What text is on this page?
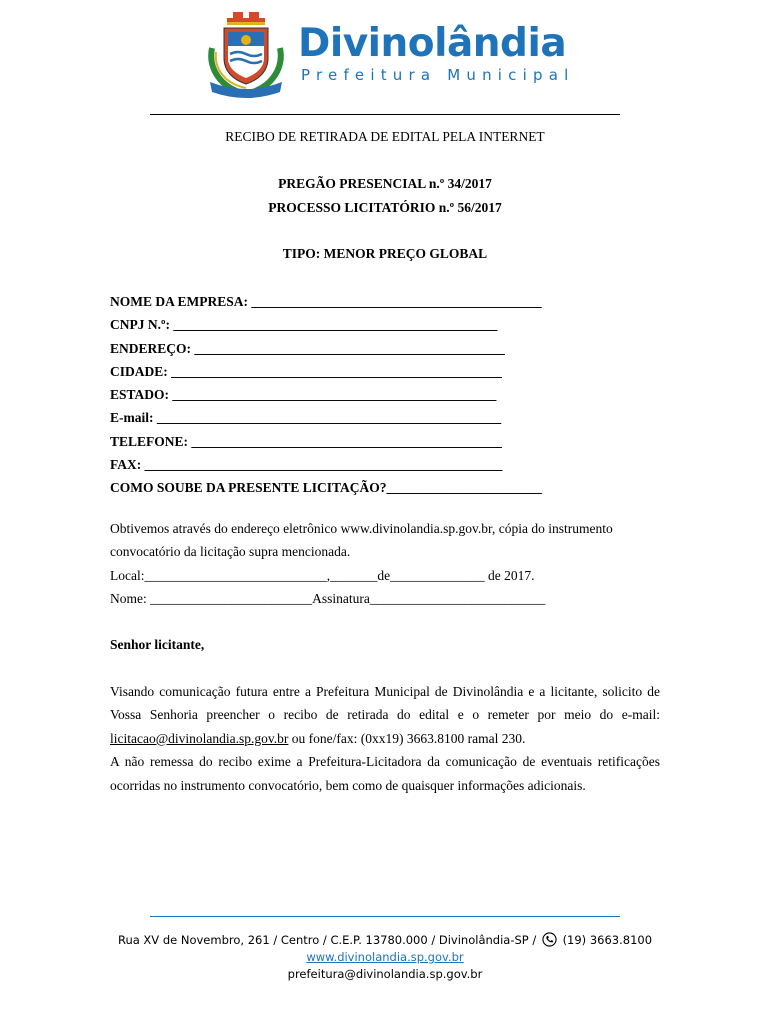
Divinolândia
Prefeitura Municipal
RECIBO DE RETIRADA DE EDITAL PELA INTERNET
PREGÃO PRESENCIAL n.º 34/2017
PROCESSO LICITATÓRIO n.º 56/2017
TIPO: MENOR PREÇO GLOBAL
NOME DA EMPRESA: ___________________________________________
CNPJ N.º: ________________________________________________
ENDEREÇO: ______________________________________________
CIDADE: _________________________________________________
ESTADO: ________________________________________________
E-mail: ___________________________________________________
TELEFONE: ______________________________________________
FAX: _____________________________________________________
COMO SOUBE DA PRESENTE LICITAÇÃO?_______________________
Obtivemos através do endereço eletrônico www.divinolandia.sp.gov.br, cópia do instrumento convocatório da licitação supra mencionada.
Local:___________________________,_______de______________ de 2017.
Nome: ________________________Assinatura__________________________
Senhor licitante,
Visando comunicação futura entre a Prefeitura Municipal de Divinolândia e a licitante, solicito de Vossa Senhoria preencher o recibo de retirada do edital e o remeter por meio do e-mail: licitacao@divinolandia.sp.gov.br ou fone/fax: (0xx19) 3663.8100 ramal 230.
A não remessa do recibo exime a Prefeitura-Licitadora da comunicação de eventuais retificações ocorridas no instrumento convocatório, bem como de quaisquer informações adicionais.
Rua XV de Novembro, 261 / Centro / C.E.P. 13780.000 / Divinolândia-SP / (19) 3663.8100
www.divinolandia.sp.gov.br
prefeitura@divinolandia.sp.gov.br
